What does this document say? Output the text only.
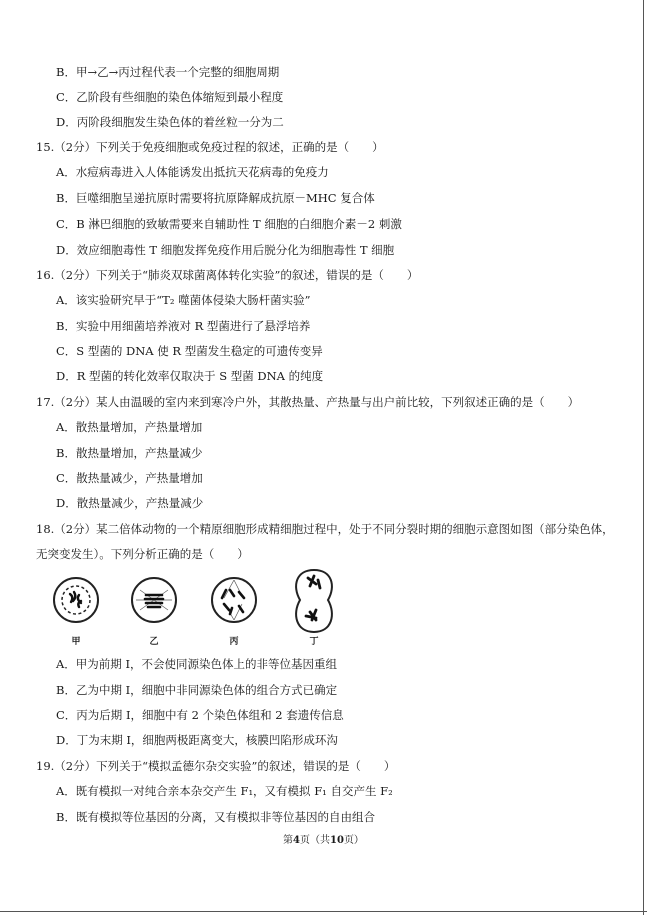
B．甲→乙→丙过程代表一个完整的细胞周期
C．乙阶段有些细胞的染色体缩短到最小程度
D．丙阶段细胞发生染色体的着丝粒一分为二
15.（2分）下列关于免疫细胞或免疫过程的叙述，正确的是（　　）
A．水痘病毒进入人体能诱发出抵抗天花病毒的免疫力
B．巨噬细胞呈递抗原时需要将抗原降解成抗原－MHC 复合体
C．B 淋巴细胞的致敏需要来自辅助性 T 细胞的白细胞介素－2 刺激
D．效应细胞毒性 T 细胞发挥免疫作用后脱分化为细胞毒性 T 细胞
16.（2分）下列关于“肺炎双球菌离体转化实验”的叙述，错误的是（　　）
A．该实验研究早于“T₂ 噬菌体侵染大肠杆菌实验”
B．实验中用细菌培养液对 R 型菌进行了悬浮培养
C．S 型菌的 DNA 使 R 型菌发生稳定的可遗传变异
D．R 型菌的转化效率仅取决于 S 型菌 DNA 的纯度
17.（2分）某人由温暖的室内来到寒冷户外，其散热量、产热量与出户前比较，下列叙述正确的是（　　）
A．散热量增加，产热量增加
B．散热量增加，产热量减少
C．散热量减少，产热量增加
D．散热量减少，产热量减少
18.（2分）某二倍体动物的一个精原细胞形成精细胞过程中，处于不同分裂时期的细胞示意图如图（部分染色体，
无突变发生）。下列分析正确的是（　　）
甲	乙	丙	丁
A．甲为前期 I，不会使同源染色体上的非等位基因重组
B．乙为中期 I，细胞中非同源染色体的组合方式已确定
C．丙为后期 I，细胞中有 2 个染色体组和 2 套遗传信息
D．丁为末期 I，细胞两极距离变大，核膜凹陷形成环沟
19.（2分）下列关于“模拟孟德尔杂交实验”的叙述，错误的是（　　）
A．既有模拟一对纯合亲本杂交产生 F₁，又有模拟 F₁ 自交产生 F₂
B．既有模拟等位基因的分离，又有模拟非等位基因的自由组合
第4页（共10页）
